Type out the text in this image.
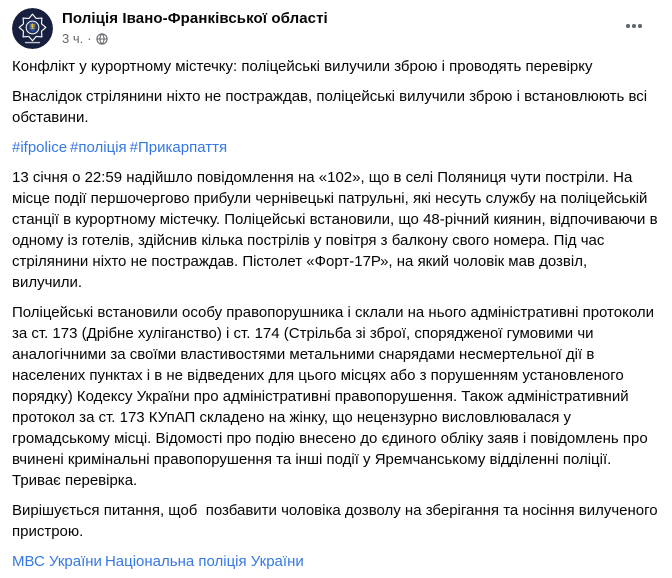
Поліція Івано-Франківської області
3 ч. ·

Конфлікт у курортному містечку: поліцейські вилучили зброю і проводять перевірку

Внаслідок стрілянини ніхто не постраждав, поліцейські вилучили зброю і встановлюють всі обставини.

#ifpolice #поліція #Прикарпаття

13 січня о 22:59 надійшло повідомлення на «102», що в селі Поляниця чути постріли. На місце події першочергово прибули чернівецькі патрульні, які несуть службу на поліцейській станції в курортному містечку. Поліцейські встановили, що 48-річний киянин, відпочиваючи в одному із готелів, здійснив кілька пострілів у повітря з балкону свого номера. Під час стрілянини ніхто не постраждав. Пістолет «Форт-17Р», на який чоловік мав дозвіл, вилучили.

Поліцейські встановили особу правопорушника і склали на нього адміністративні протоколи за ст. 173 (Дрібне хуліганство) і ст. 174 (Стрільба зі зброї, спорядженої гумовими чи аналогічними за своїми властивостями метальними снарядами несмертельної дії в населених пунктах і в не відведених для цього місцях або з порушенням установленого порядку) Кодексу України про адміністративні правопорушення. Також адміністративний протокол за ст. 173 КУпАП складено на жінку, що нецензурно висловлювалася у громадському місці. Відомості про подію внесено до єдиного обліку заяв і повідомлень про вчинені кримінальні правопорушення та інші події у Яремчанському відділенні поліції. Триває перевірка.

Вирішується питання, щоб  позбавити чоловіка дозволу на зберігання та носіння вилученого пристрою.

МВС України Національна поліція України
